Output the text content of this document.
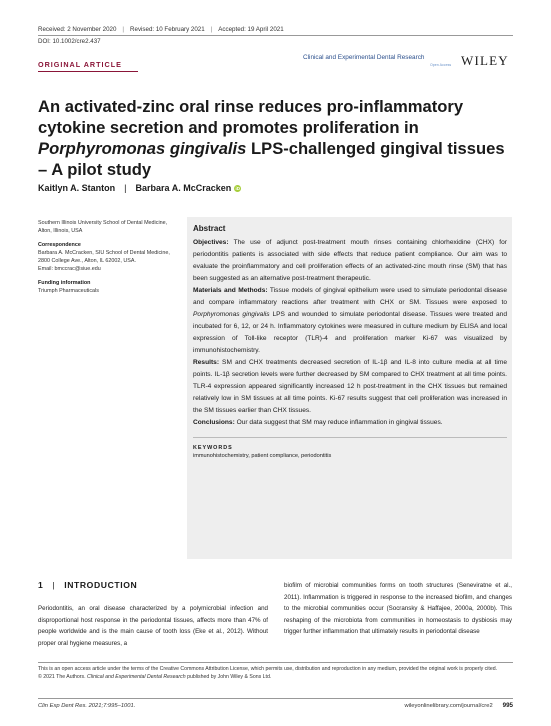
Received: 2 November 2020 | Revised: 10 February 2021 | Accepted: 19 April 2021
DOI: 10.1002/cre2.437
ORIGINAL ARTICLE
Clinical and Experimental Dental Research
Open Access WILEY
An activated-zinc oral rinse reduces pro-inflammatory cytokine secretion and promotes proliferation in Porphyromonas gingivalis LPS-challenged gingival tissues – A pilot study
Kaitlyn A. Stanton | Barbara A. McCracken iD
Southern Illinois University School of Dental Medicine, Alton, Illinois, USA
Correspondence
Barbara A. McCracken, SIU School of Dental Medicine, 2800 College Ave., Alton, IL 62002, USA.
Email: bmccrac@siue.edu
Funding information
Triumph Pharmaceuticals
Abstract

Objectives: The use of adjunct post-treatment mouth rinses containing chlorhexidine (CHX) for periodontitis patients is associated with side effects that reduce patient compliance. Our aim was to evaluate the proinflammatory and cell proliferation effects of an activated-zinc mouth rinse (SM) that has been suggested as an alternative post-treatment therapeutic.

Materials and Methods: Tissue models of gingival epithelium were used to simulate periodontal disease and compare inflammatory reactions after treatment with CHX or SM. Tissues were exposed to Porphyromonas gingivalis LPS and wounded to simulate periodontal disease. Tissues were treated and incubated for 6, 12, or 24 h. Inflammatory cytokines were measured in culture medium by ELISA and local expression of Toll-like receptor (TLR)-4 and proliferation marker Ki-67 was visualized by immunohistochemistry.

Results: SM and CHX treatments decreased secretion of IL-1β and IL-8 into culture media at all time points. IL-1β secretion levels were further decreased by SM compared to CHX treatment at all time points. TLR-4 expression appeared significantly increased 12 h post-treatment in the CHX tissues but remained relatively low in SM tissues at all time points. Ki-67 results suggest that cell proliferation was increased in the SM tissues earlier than CHX tissues.

Conclusions: Our data suggest that SM may reduce inflammation in gingival tissues.

KEYWORDS
immunohistochemistry, patient compliance, periodontitis
1 | INTRODUCTION
Periodontitis, an oral disease characterized by a polymicrobial infection and disproportional host response in the periodontal tissues, affects more than 47% of people worldwide and is the main cause of tooth loss (Eke et al., 2012). Without proper oral hygiene measures, a
biofilm of microbial communities forms on tooth structures (Seneviratne et al., 2011). Inflammation is triggered in response to the increased biofilm, and changes to the microbial communities occur (Socransky & Haffajee, 2000a, 2000b). This reshaping of the microbiota from communities in homeostasis to dysbiosis may trigger further inflammation that ultimately results in periodontal disease
This is an open access article under the terms of the Creative Commons Attribution License, which permits use, distribution and reproduction in any medium, provided the original work is properly cited.
© 2021 The Authors. Clinical and Experimental Dental Research published by John Wiley & Sons Ltd.
Clin Exp Dent Res. 2021;7:995–1001.	wileyonlinelibrary.com/journal/cre2 995
